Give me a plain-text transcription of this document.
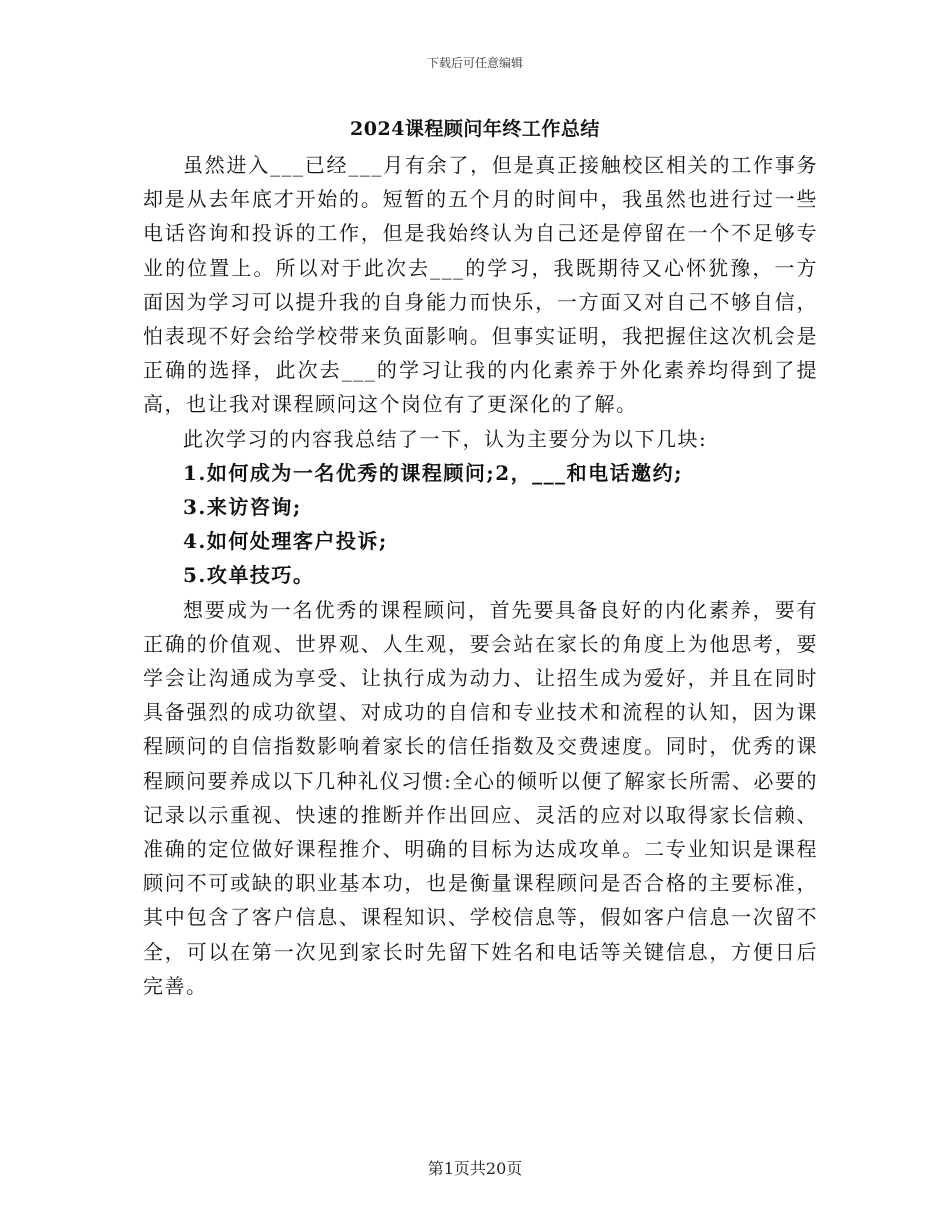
下载后可任意编辑
2024课程顾问年终工作总结

虽然进入___已经___月有余了，但是真正接触校区相关的工作事务却是从去年底才开始的。短暂的五个月的时间中，我虽然也进行过一些电话咨询和投诉的工作，但是我始终认为自己还是停留在一个不足够专业的位置上。所以对于此次去___的学习，我既期待又心怀犹豫，一方面因为学习可以提升我的自身能力而快乐，一方面又对自己不够自信，怕表现不好会给学校带来负面影响。但事实证明，我把握住这次机会是正确的选择，此次去___的学习让我的内化素养于外化素养均得到了提高，也让我对课程顾问这个岗位有了更深化的了解。

此次学习的内容我总结了一下，认为主要分为以下几块:

1.如何成为一名优秀的课程顾问;2，___和电话邀约;

3.来访咨询;

4.如何处理客户投诉;

5.攻单技巧。

想要成为一名优秀的课程顾问，首先要具备良好的内化素养，要有正确的价值观、世界观、人生观，要会站在家长的角度上为他思考，要学会让沟通成为享受、让执行成为动力、让招生成为爱好，并且在同时具备强烈的成功欲望、对成功的自信和专业技术和流程的认知，因为课程顾问的自信指数影响着家长的信任指数及交费速度。同时，优秀的课程顾问要养成以下几种礼仪习惯:全心的倾听以便了解家长所需、必要的记录以示重视、快速的推断并作出回应、灵活的应对以取得家长信赖、准确的定位做好课程推介、明确的目标为达成攻单。二专业知识是课程顾问不可或缺的职业基本功，也是衡量课程顾问是否合格的主要标准，其中包含了客户信息、课程知识、学校信息等，假如客户信息一次留不全，可以在第一次见到家长时先留下姓名和电话等关键信息，方便日后完善。

第1页共20页
